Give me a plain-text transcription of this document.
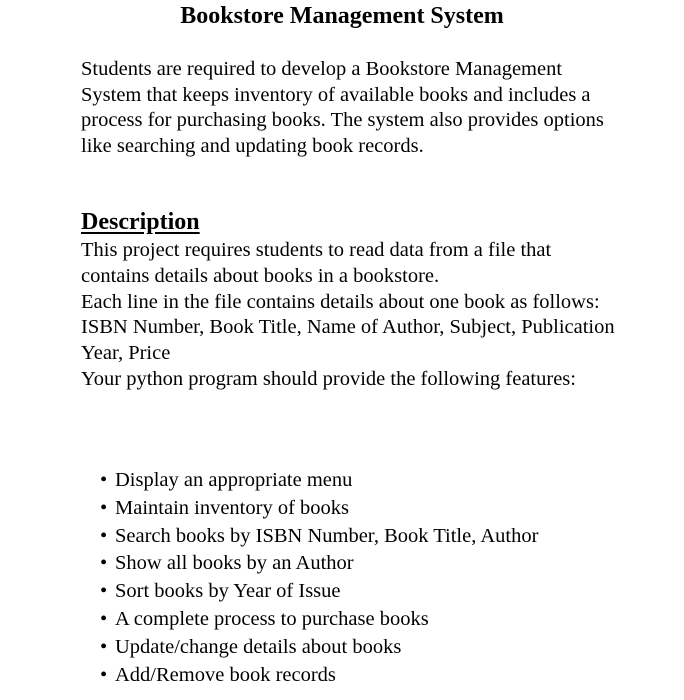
Bookstore Management System

Students are required to develop a Bookstore Management System that keeps inventory of available books and includes a process for purchasing books. The system also provides options like searching and updating book records.

Description
This project requires students to read data from a file that contains details about books in a bookstore.
Each line in the file contains details about one book as follows:
ISBN Number, Book Title, Name of Author, Subject, Publication Year, Price
Your python program should provide the following features:
• Display an appropriate menu
• Maintain inventory of books
• Search books by ISBN Number, Book Title, Author
• Show all books by an Author
• Sort books by Year of Issue
• A complete process to purchase books
• Update/change details about books
• Add/Remove book records
